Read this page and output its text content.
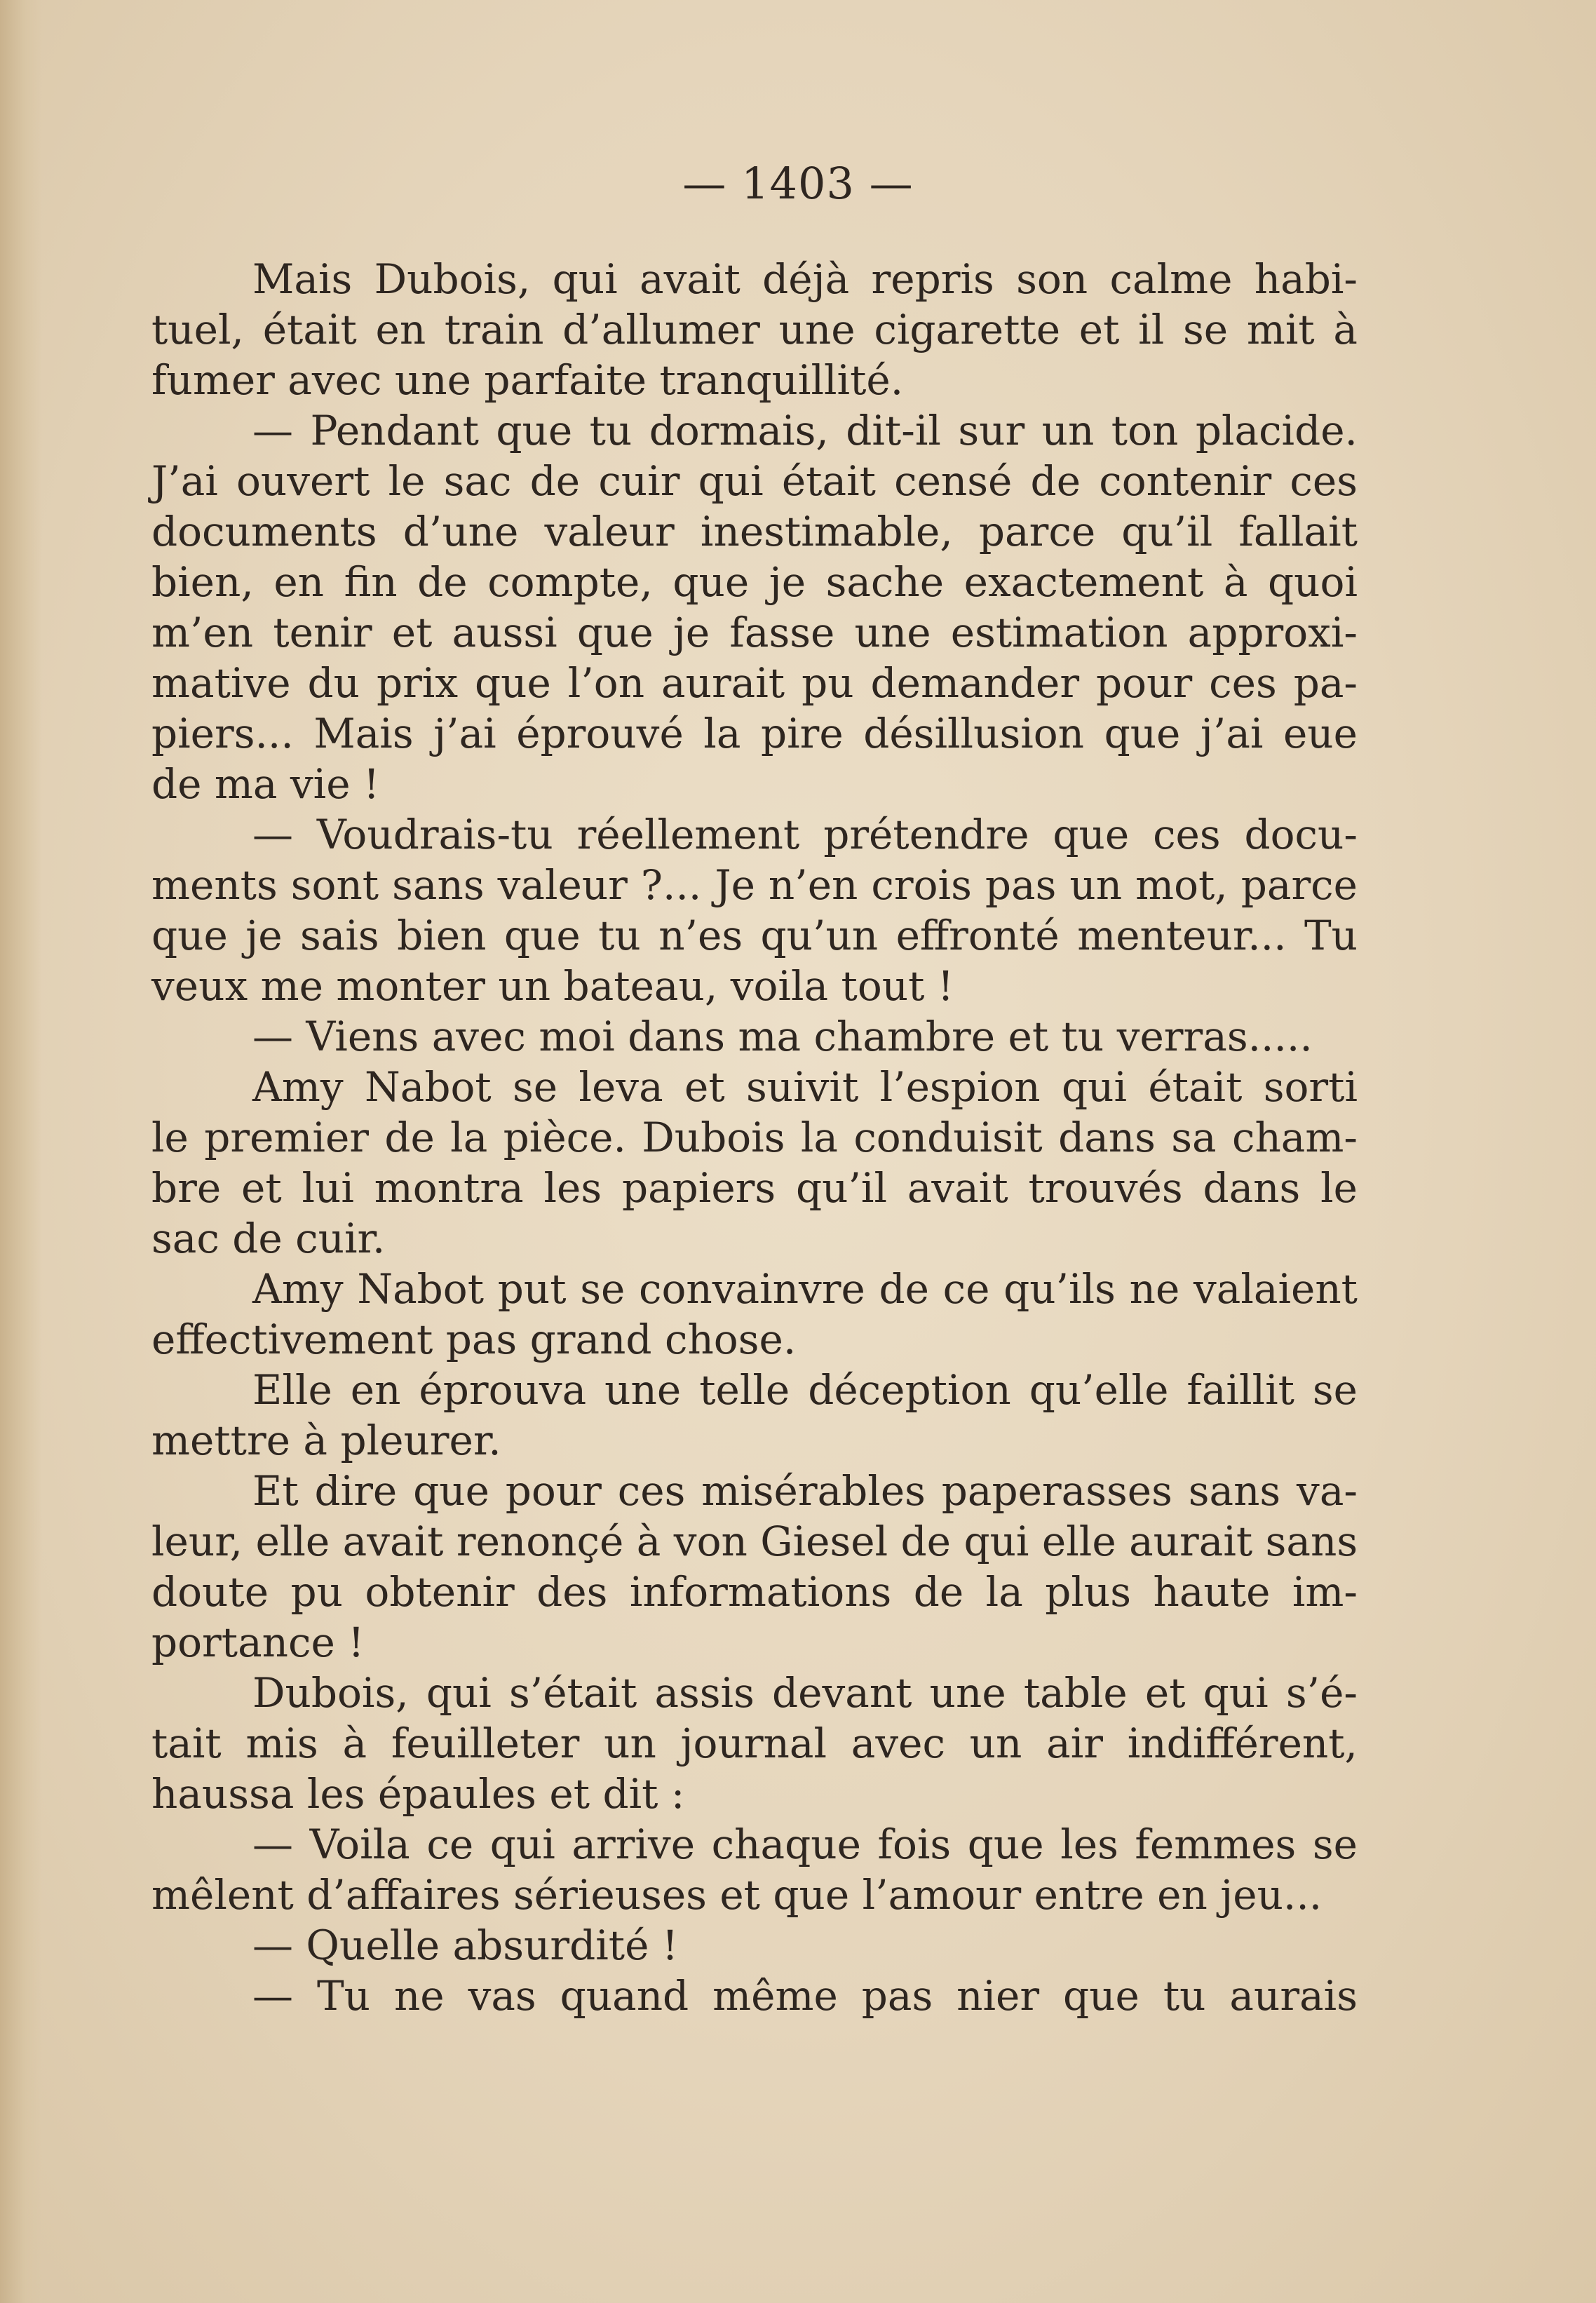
— 1403 —
Mais Dubois, qui avait déjà repris son calme habi-
tuel, était en train d’allumer une cigarette et il se mit à
fumer avec une parfaite tranquillité.
— Pendant que tu dormais, dit-il sur un ton placide.
J’ai ouvert le sac de cuir qui était censé de contenir ces
documents d’une valeur inestimable, parce qu’il fallait
bien, en fin de compte, que je sache exactement à quoi
m’en tenir et aussi que je fasse une estimation approxi-
mative du prix que l’on aurait pu demander pour ces pa-
piers... Mais j’ai éprouvé la pire désillusion que j’ai eue
de ma vie !
— Voudrais-tu réellement prétendre que ces docu-
ments sont sans valeur ?... Je n’en crois pas un mot, parce
que je sais bien que tu n’es qu’un effronté menteur... Tu
veux me monter un bateau, voila tout !
— Viens avec moi dans ma chambre et tu verras.....
Amy Nabot se leva et suivit l’espion qui était sorti
le premier de la pièce. Dubois la conduisit dans sa cham-
bre et lui montra les papiers qu’il avait trouvés dans le
sac de cuir.
Amy Nabot put se convainvre de ce qu’ils ne valaient
effectivement pas grand chose.
Elle en éprouva une telle déception qu’elle faillit se
mettre à pleurer.
Et dire que pour ces misérables paperasses sans va-
leur, elle avait renonçé à von Giesel de qui elle aurait sans
doute pu obtenir des informations de la plus haute im-
portance !
Dubois, qui s’était assis devant une table et qui s’é-
tait mis à feuilleter un journal avec un air indifférent,
haussa les épaules et dit :
— Voila ce qui arrive chaque fois que les femmes se
mêlent d’affaires sérieuses et que l’amour entre en jeu...
— Quelle absurdité !
— Tu ne vas quand même pas nier que tu aurais
